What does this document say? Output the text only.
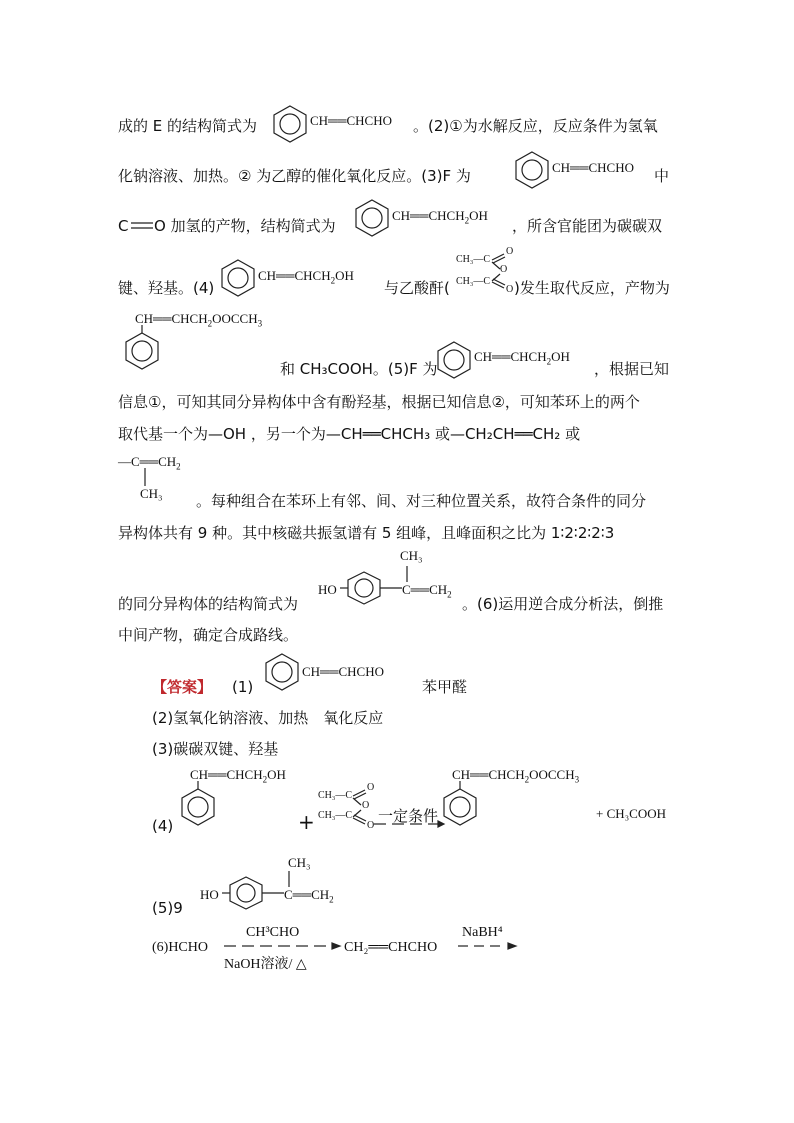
成的 E 的结构简式为	CH══CHCHO 。(2)①为水解反应，反应条件为氢氧
化钠溶液、加热。② 为乙醇的催化氧化反应。(3)F 为	CH══CHCHO 中
C O 加氢的产物，结构简式为
$CH══CHCH_2OH$
，所含官能团为碳碳双
键、羟基。(4)
$CH══CHCH_2OH$
与乙酸酐(
CH₃—C
CH₃—C
O
O
O )发生取代反应，产物为
$CH══CHCH_2OOCCH_3$
和 CH₃COOH。(5)F 为
$CH══CHCH_2OH$
，根据已知
信息①，可知其同分异构体中含有酚羟基，根据已知信息②，可知苯环上的两个
取代基一个为—OH ，另一个为—CH══CHCH₃ 或—CH₂CH══CH₂ 或
$—C══CH_2$
CH₃ 。每种组合在苯环上有邻、间、对三种位置关系，故符合条件的同分
异构体共有 9 种。其中核磁共振氢谱有 5 组峰，且峰面积之比为 1∶2∶2∶2∶3
的同分异构体的结构简式为
HO
CH₃
$C══CH_2$
。(6)运用逆合成分析法，倒推
中间产物，确定合成路线。
【答案】 (1)
CH══CHCHO
苯甲醛
(2)氢氧化钠溶液、加热　氧化反应
(3)碳碳双键、羟基
$CH══CHCH_2OH$
(4)	+
CH₃—C
CH₃—C
O
O
O
一定条件
$CH══CHCH_2OOCCH_3$
+ CH₃COOH
CH₃
HO	$C══CH_2$
(5)9
(6)HCHO
CH³CHO
NaOH溶液/ △
CH₂══CHCHO
NaBH⁴
